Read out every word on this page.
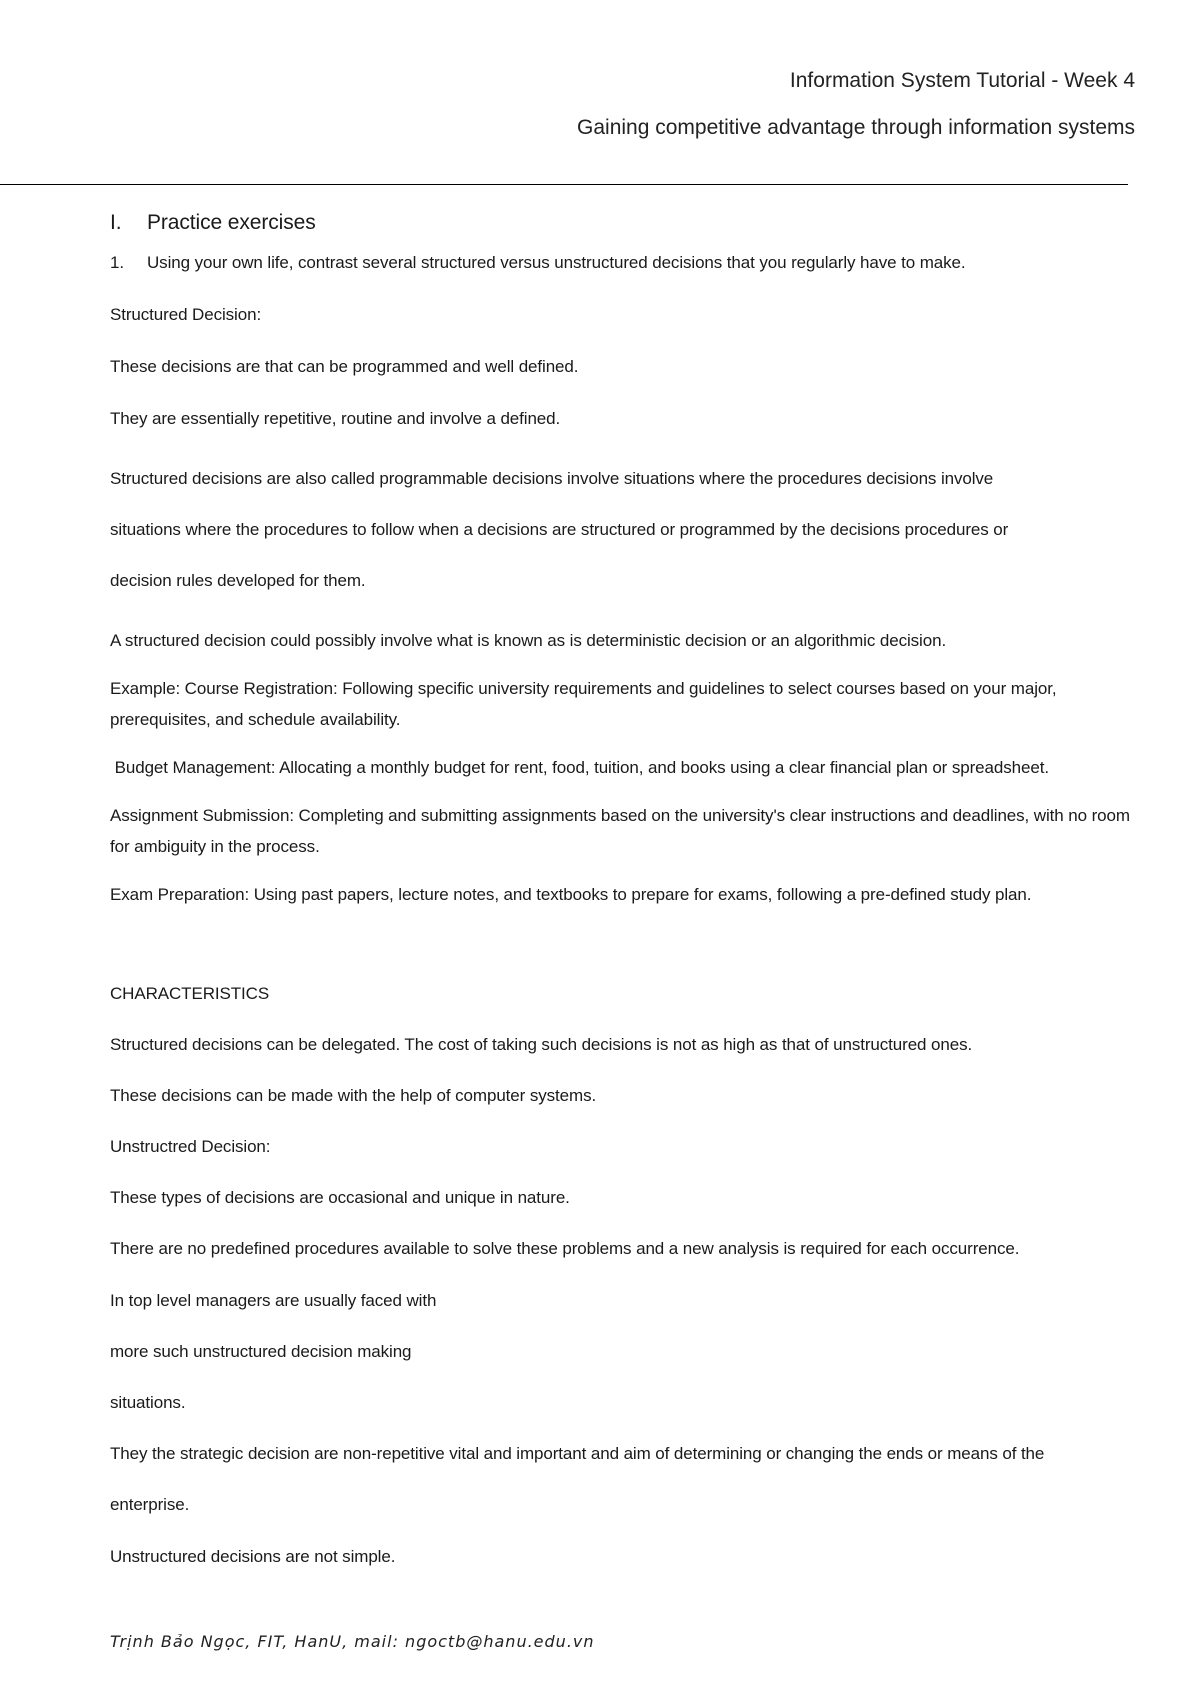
Information System Tutorial - Week 4
Gaining competitive advantage through information systems
I.	Practice exercises
1.	Using your own life, contrast several structured versus unstructured decisions that you regularly have to make.

Structured Decision:

These decisions are that can be programmed and well defined.

They are essentially repetitive, routine and involve a defined.

Structured decisions are also called programmable decisions involve situations where the procedures decisions involve
situations where the procedures to follow when a decisions are structured or programmed by the decisions procedures or
decision rules developed for them.

A structured decision could possibly involve what is known as is deterministic decision or an algorithmic decision.

Example: Course Registration: Following specific university requirements and guidelines to select courses based on your major, prerequisites, and schedule availability.

Budget Management: Allocating a monthly budget for rent, food, tuition, and books using a clear financial plan or spreadsheet.

Assignment Submission: Completing and submitting assignments based on the university's clear instructions and deadlines, with no room for ambiguity in the process.

Exam Preparation: Using past papers, lecture notes, and textbooks to prepare for exams, following a pre-defined study plan.

CHARACTERISTICS

Structured decisions can be delegated. The cost of taking such decisions is not as high as that of unstructured ones.

These decisions can be made with the help of computer systems.

Unstructred Decision:

These types of decisions are occasional and unique in nature.

There are no predefined procedures available to solve these problems and a new analysis is required for each occurrence.

In top level managers are usually faced with
more such unstructured decision making
situations.
They the strategic decision are non-repetitive vital and important and aim of determining or changing the ends or means of the
enterprise.

Unstructured decisions are not simple.

Trịnh Bảo Ngọc, FIT, HanU, mail: ngoctb@hanu.edu.vn
